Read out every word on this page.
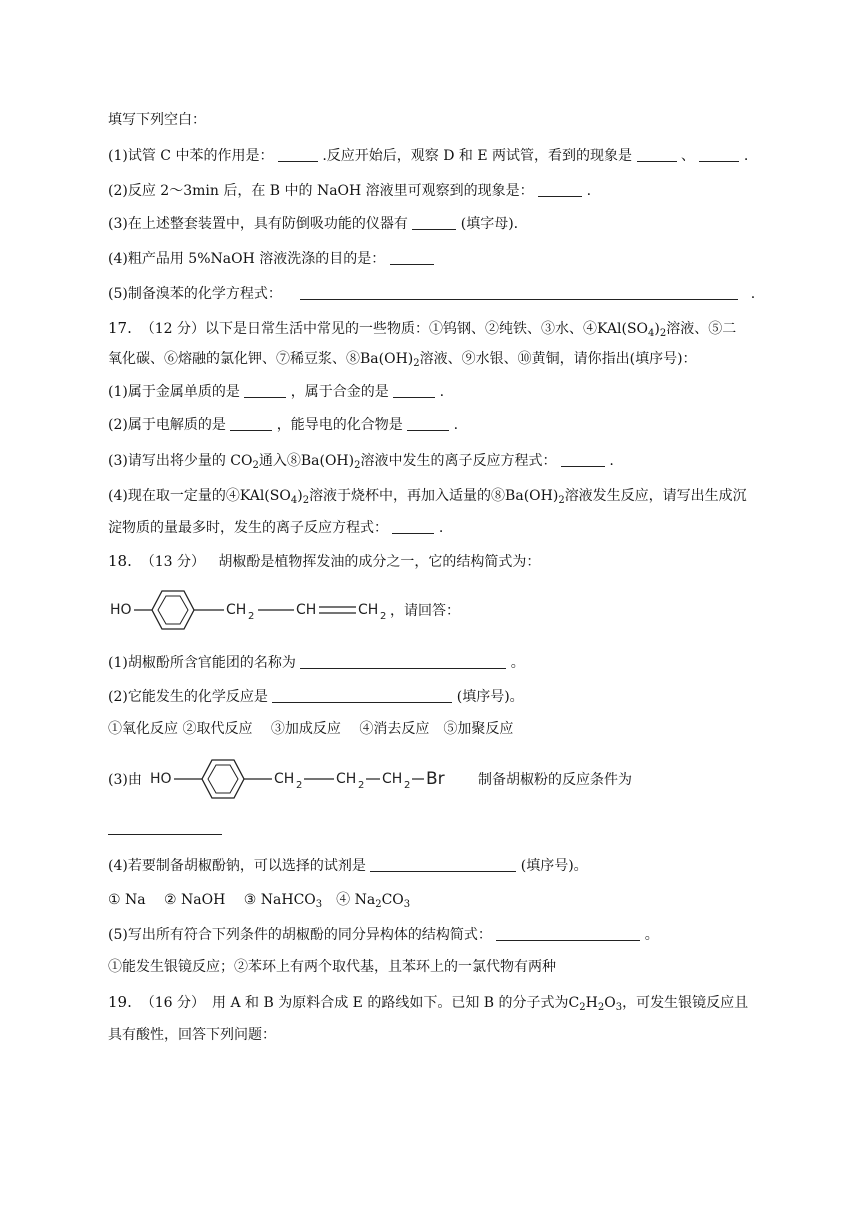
填写下列空白：
(1)试管 C 中苯的作用是：	.反应开始后，观察 D 和 E 两试管，看到的现象是	、	.
(2)反应 2～3min 后，在 B 中的 NaOH 溶液里可观察到的现象是：	.
(3)在上述整套装置中，具有防倒吸功能的仪器有	(填字母).
(4)粗产品用 5%NaOH 溶液洗涤的目的是：
(5)制备溴苯的化学方程式：	.
17. （12 分）以下是日常生活中常见的一些物质：①钨钢、②纯铁、③水、$④KAl(SO_4)_2$溶液、⑤二
氧化碳、⑥熔融的氯化钾、⑦稀豆浆、$⑧Ba(OH)_2$溶液、⑨水银、⑩黄铜，请你指出(填序号)：
(1)属于金属单质的是	，属于合金的是	.
(2)属于电解质的是	，能导电的化合物是	.
(3)请写出将少量的 $CO_2$通入$⑧Ba(OH)_2$溶液中发生的离子反应方程式：	.
(4)现在取一定量的$④KAl(SO_4)_2$溶液于烧杯中，再加入适量的$⑧Ba(OH)_2$溶液发生反应，请写出生成沉
淀物质的量最多时，发生的离子反应方程式：	.
18. （13 分） 胡椒酚是植物挥发油的成分之一，它的结构简式为：
HO	CH 2	CH	CH 2 ，请回答：
(1)胡椒酚所含官能团的名称为	。
(2)它能发生的化学反应是	(填序号)。
①氧化反应 ②取代反应　 ③加成反应　 ④消去反应　⑤加聚反应
(3)由 HO	CH 2 CH 2 CH 2 Br 制备胡椒粉的反应条件为
(4)若要制备胡椒酚钠，可以选择的试剂是	(填序号)。
① Na　 ② NaOH　 ③ NaHCO$_3$　④ $Na_2CO_3$
(5)写出所有符合下列条件的胡椒酚的同分异构体的结构简式：	。
①能发生银镜反应；②苯环上有两个取代基，且苯环上的一氯代物有两种
19. （16 分）　用 A 和 B 为原料合成 E 的路线如下。已知 B 的分子式为$C_2H_2O_3$，可发生银镜反应且
具有酸性，回答下列问题：
